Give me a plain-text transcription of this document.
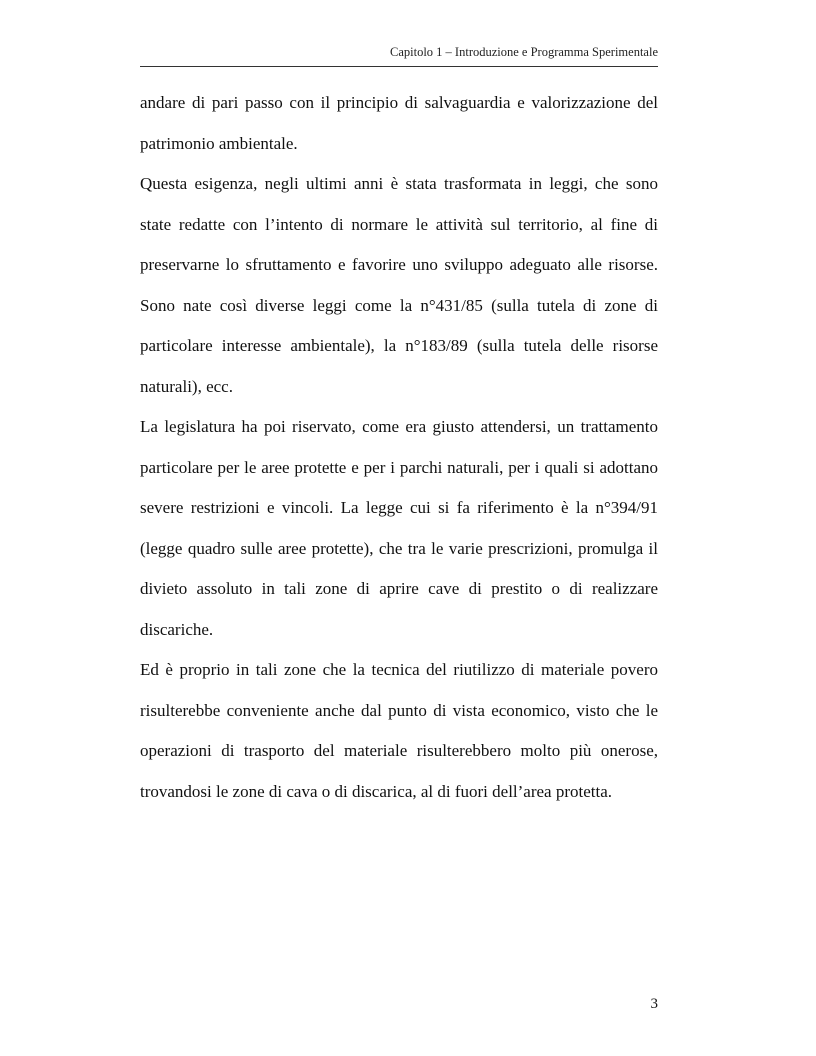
Capitolo 1 – Introduzione e Programma Sperimentale

andare di pari passo con il principio di salvaguardia e valorizzazione del patrimonio ambientale.

Questa esigenza, negli ultimi anni è stata trasformata in leggi, che sono state redatte con l’intento di normare le attività sul territorio, al fine di preservarne lo sfruttamento e favorire uno sviluppo adeguato alle risorse. Sono nate così diverse leggi come la n°431/85 (sulla tutela di zone di particolare interesse ambientale), la n°183/89 (sulla tutela delle risorse naturali), ecc.

La legislatura ha poi riservato, come era giusto attendersi, un trattamento particolare per le aree protette e per i parchi naturali, per i quali si adottano severe restrizioni e vincoli. La legge cui si fa riferimento è la n°394/91 (legge quadro sulle aree protette), che tra le varie prescrizioni, promulga il divieto assoluto in tali zone di aprire cave di prestito o di realizzare discariche.

Ed è proprio in tali zone che la tecnica del riutilizzo di materiale povero risulterebbe conveniente anche dal punto di vista economico, visto che le operazioni di trasporto del materiale risulterebbero molto più onerose, trovandosi le zone di cava o di discarica, al di fuori dell’area protetta.

3
